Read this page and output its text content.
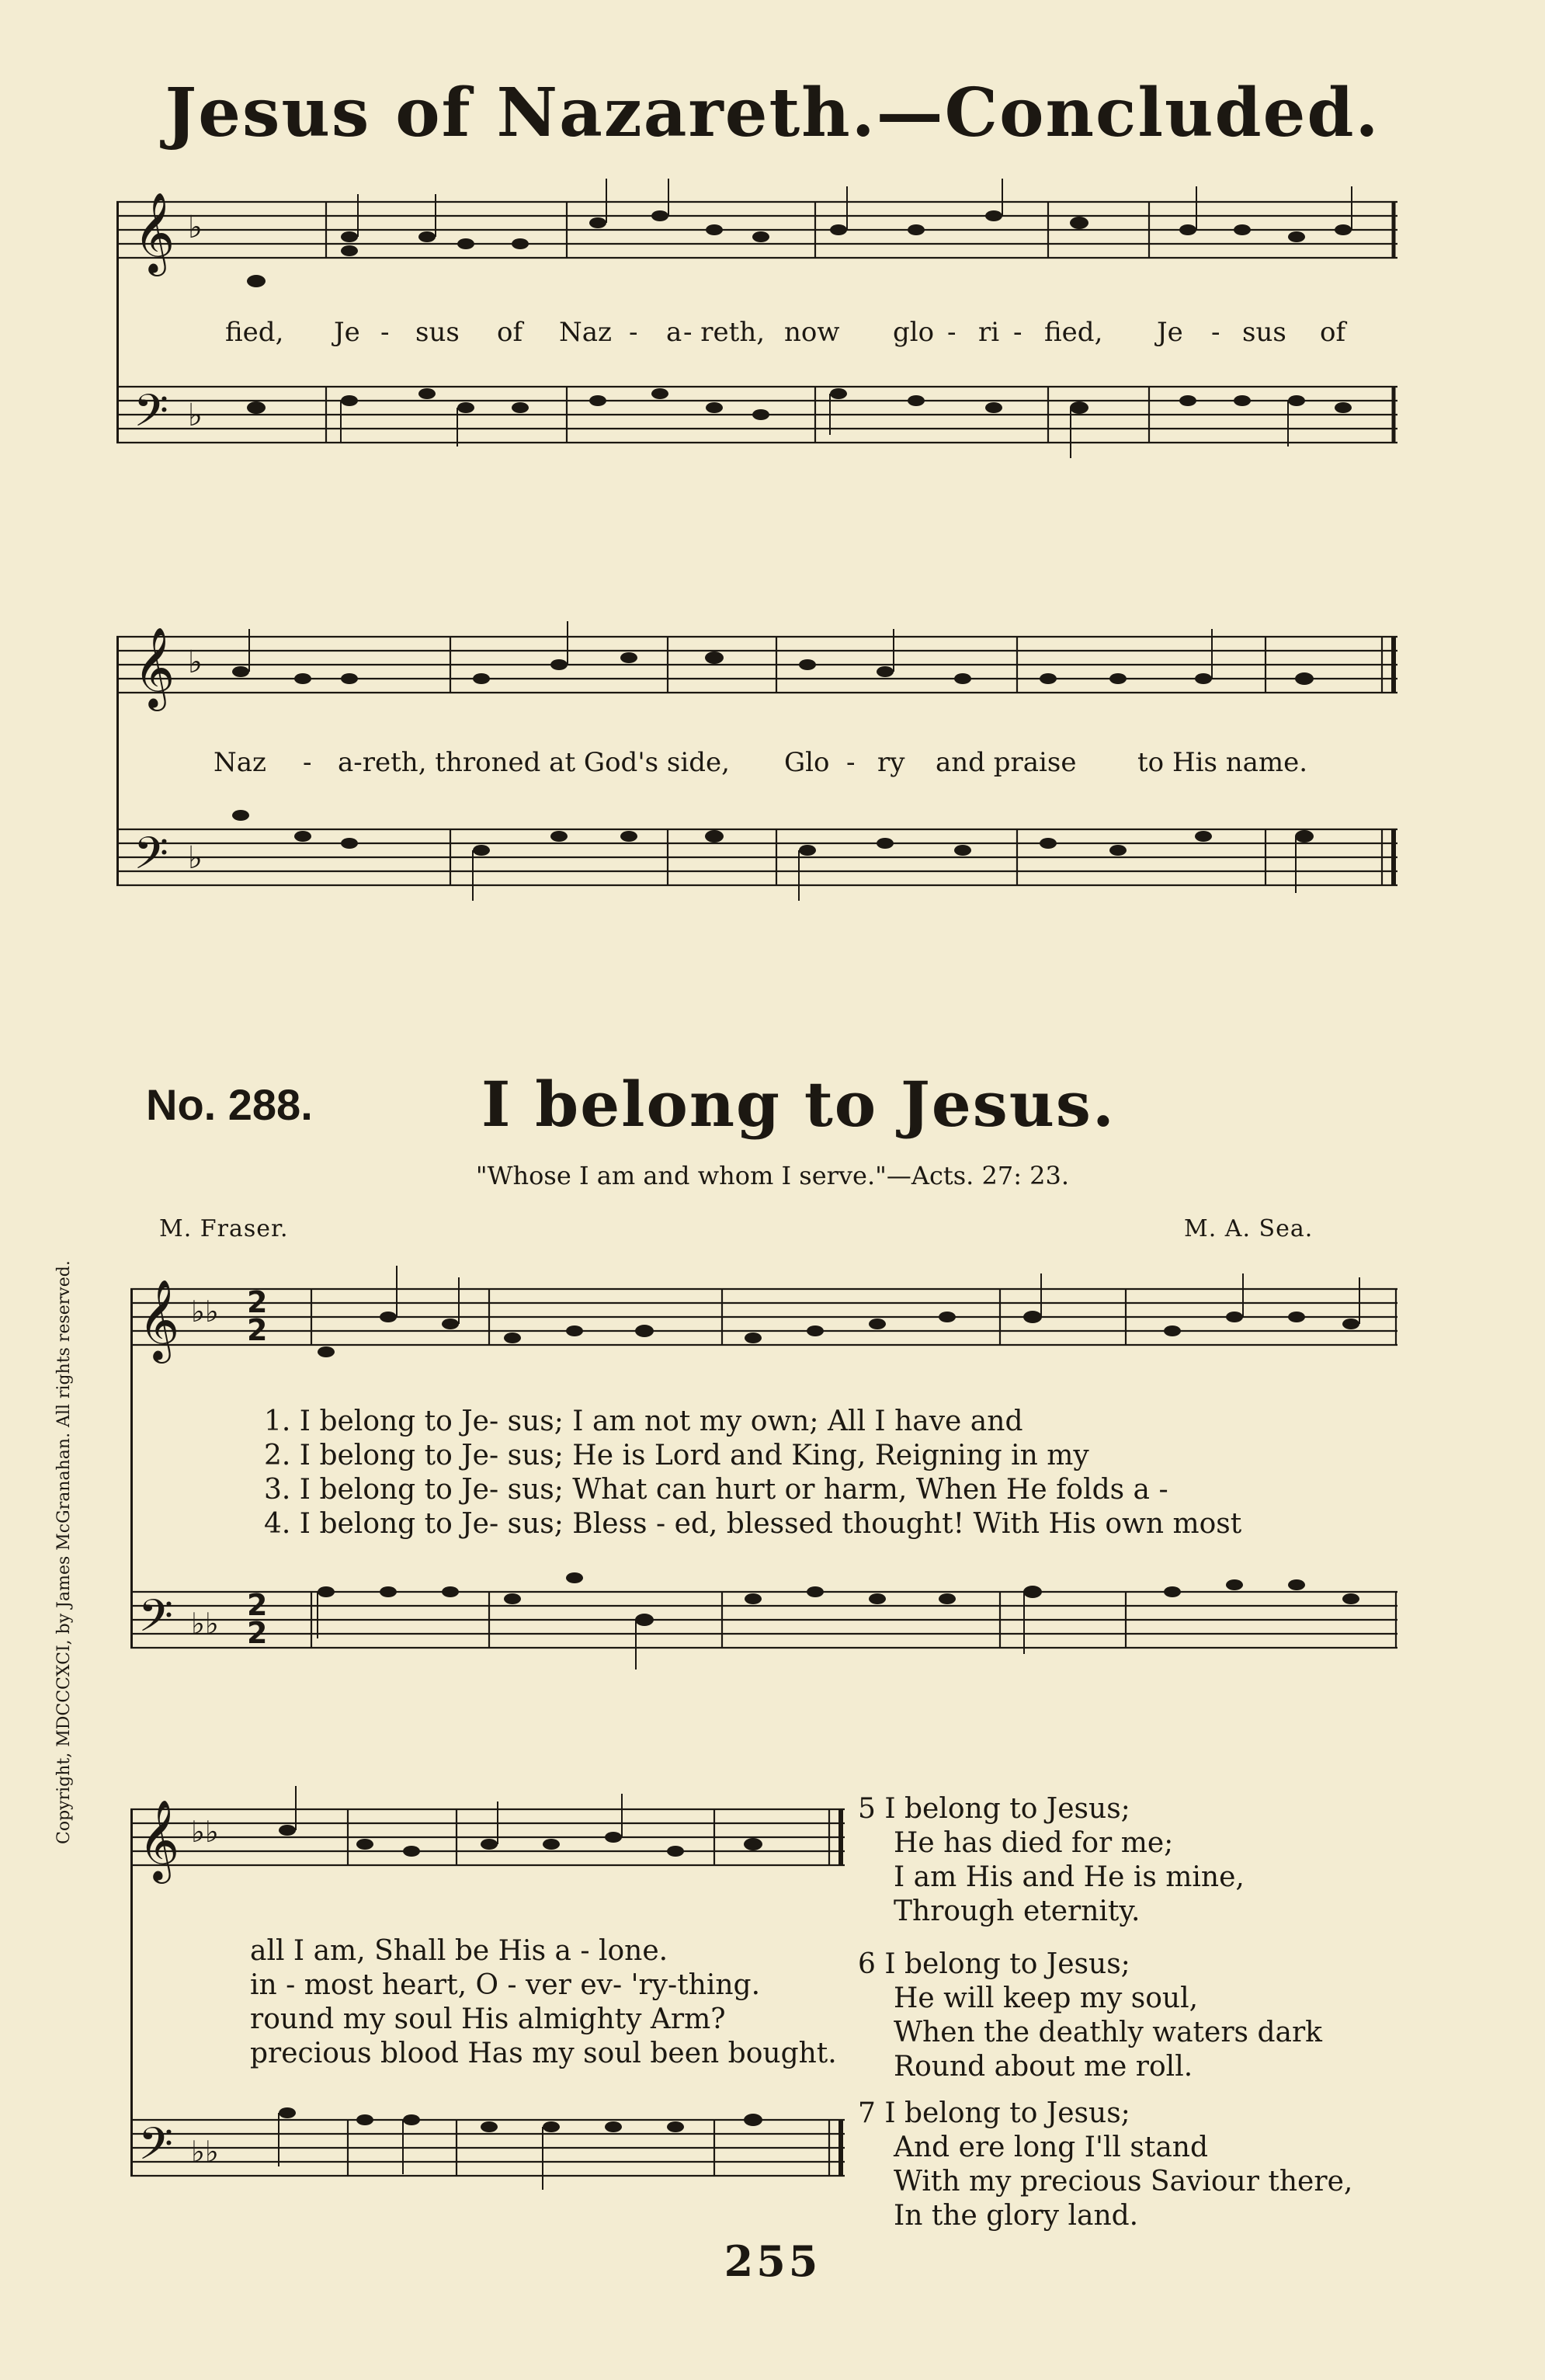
Jesus of Nazareth.—Concluded.
𝄞
𝄢
♭
♭
fied, Je - sus of Naz - a - reth, now glo - ri - fied, Je - sus of
𝄞
𝄢
♭
♭
Naz - a-reth, throned at God's side, Glo - ry and praise to His name.
No. 288.	I belong to Jesus.
"Whose I am and whom I serve."—Acts. 27: 23.
M. Fraser.	M. A. Sea.
Copyright, MDCCCXCI, by James McGranahan. All rights reserved. 𝄞
𝄢
♭♭
♭♭
2
2
2
2
1. I belong to Je- sus; I am not my own; All I have and
2. I belong to Je- sus; He is Lord and King, Reigning in my
3. I belong to Je- sus; What can hurt or harm, When He folds a -
4. I belong to Je- sus; Bless - ed, blessed thought! With His own most
𝄞
𝄢
♭♭
♭♭
all I am, Shall be His a - lone.
in - most heart, O - ver ev- 'ry-thing.
round my soul His almighty Arm?
precious blood Has my soul been bought.
5 I belong to Jesus;
He has died for me;
I am His and He is mine,
Through eternity.
6 I belong to Jesus;
He will keep my soul,
When the deathly waters dark
Round about me roll.
7 I belong to Jesus;
And ere long I'll stand
With my precious Saviour there,
In the glory land.
255
